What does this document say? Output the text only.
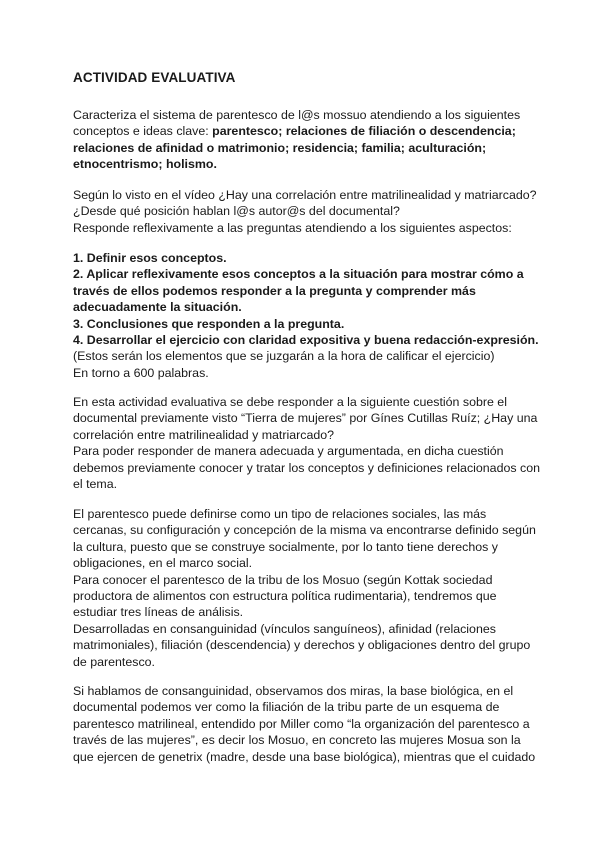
ACTIVIDAD EVALUATIVA

Caracteriza el sistema de parentesco de l@s mossuo atendiendo a los siguientes conceptos e ideas clave: parentesco; relaciones de filiación o descendencia; relaciones de afinidad o matrimonio; residencia; familia; aculturación; etnocentrismo; holismo.

Según lo visto en el vídeo ¿Hay una correlación entre matrilinealidad y matriarcado?

¿Desde qué posición hablan l@s autor@s del documental?

Responde reflexivamente a las preguntas atendiendo a los siguientes aspectos:

1. Definir esos conceptos.

2. Aplicar reflexivamente esos conceptos a la situación para mostrar cómo a través de ellos podemos responder a la pregunta y comprender más adecuadamente la situación.

3. Conclusiones que responden a la pregunta.

4. Desarrollar el ejercicio con claridad expositiva y buena redacción-expresión.

(Estos serán los elementos que se juzgarán a la hora de calificar el ejercicio)

En torno a 600 palabras.

En esta actividad evaluativa se debe responder a la siguiente cuestión sobre el documental previamente visto “Tierra de mujeres” por Gínes Cutillas Ruíz; ¿Hay una correlación entre matrilinealidad y matriarcado?

Para poder responder de manera adecuada y argumentada, en dicha cuestión debemos previamente conocer y tratar los conceptos y definiciones relacionados con el tema.

El parentesco puede definirse como un tipo de relaciones sociales, las más cercanas, su configuración y concepción de la misma va encontrarse definido según la cultura, puesto que se construye socialmente, por lo tanto tiene derechos y obligaciones, en el marco social.

Para conocer el parentesco de la tribu de los Mosuo (según Kottak sociedad productora de alimentos con estructura política rudimentaria), tendremos que estudiar tres líneas de análisis.

Desarrolladas en consanguinidad (vínculos sanguíneos), afinidad (relaciones matrimoniales), filiación (descendencia) y derechos y obligaciones dentro del grupo de parentesco.

Si hablamos de consanguinidad, observamos dos miras, la base biológica, en el documental podemos ver como la filiación de la tribu parte de un esquema de parentesco matrilineal, entendido por Miller como “la organización del parentesco a través de las mujeres”, es decir los Mosuo, en concreto las mujeres Mosua son la que ejercen de genetrix (madre, desde una base biológica), mientras que el cuidado
